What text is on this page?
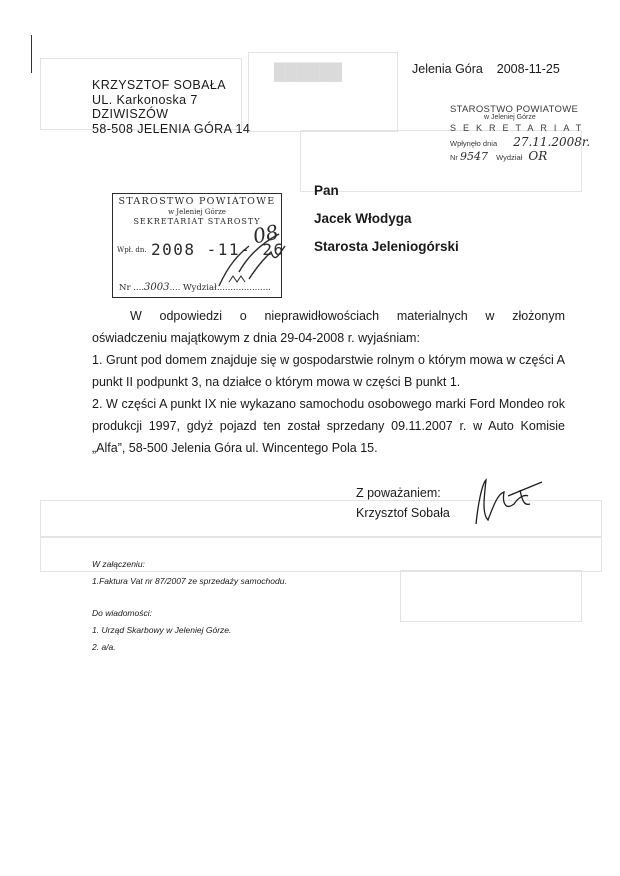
██████	Jelenia Góra 2008-11-25
KRZYSZTOF SOBAŁA
UL. Karkonoska 7
DZIWISZÓW
58-508 JELENIA GÓRA 14
STAROSTWO POWIATOWE
w Jeleniej Górze
SEKRETARIAT
Wpłynęło dnia 27.11.2008r.
Nr 9547 Wydział OR
STAROSTWO POWIATOWE
w Jeleniej Górze
SEKRETARIAT STAROSTY
Wpł. dn. 2008 -11- 26
08
Nr ....3003.... Wydział....................
Pan
Jacek Włodyga
Starosta Jeleniogórski

W odpowiedzi o nieprawidłowościach materialnych w złożonym

oświadczeniu majątkowym z dnia 29-04-2008 r. wyjaśniam:

1. Grunt pod domem znajduje się w gospodarstwie rolnym o którym mowa w części A punkt II podpunkt 3, na działce o którym mowa w części B punkt 1.

2. W części A punkt IX nie wykazano samochodu osobowego marki Ford Mondeo rok produkcji 1997, gdyż pojazd ten został sprzedany 09.11.2007 r. w Auto Komisie „Alfa”, 58-500 Jelenia Góra ul. Wincentego Pola 15.

Z poważaniem:
Krzysztof Sobała
W załączeniu:
1.Faktura Vat nr 87/2007 ze sprzedaży samochodu.
Do wiadomości:
1. Urząd Skarbowy w Jeleniej Górze.
2. a/a.
